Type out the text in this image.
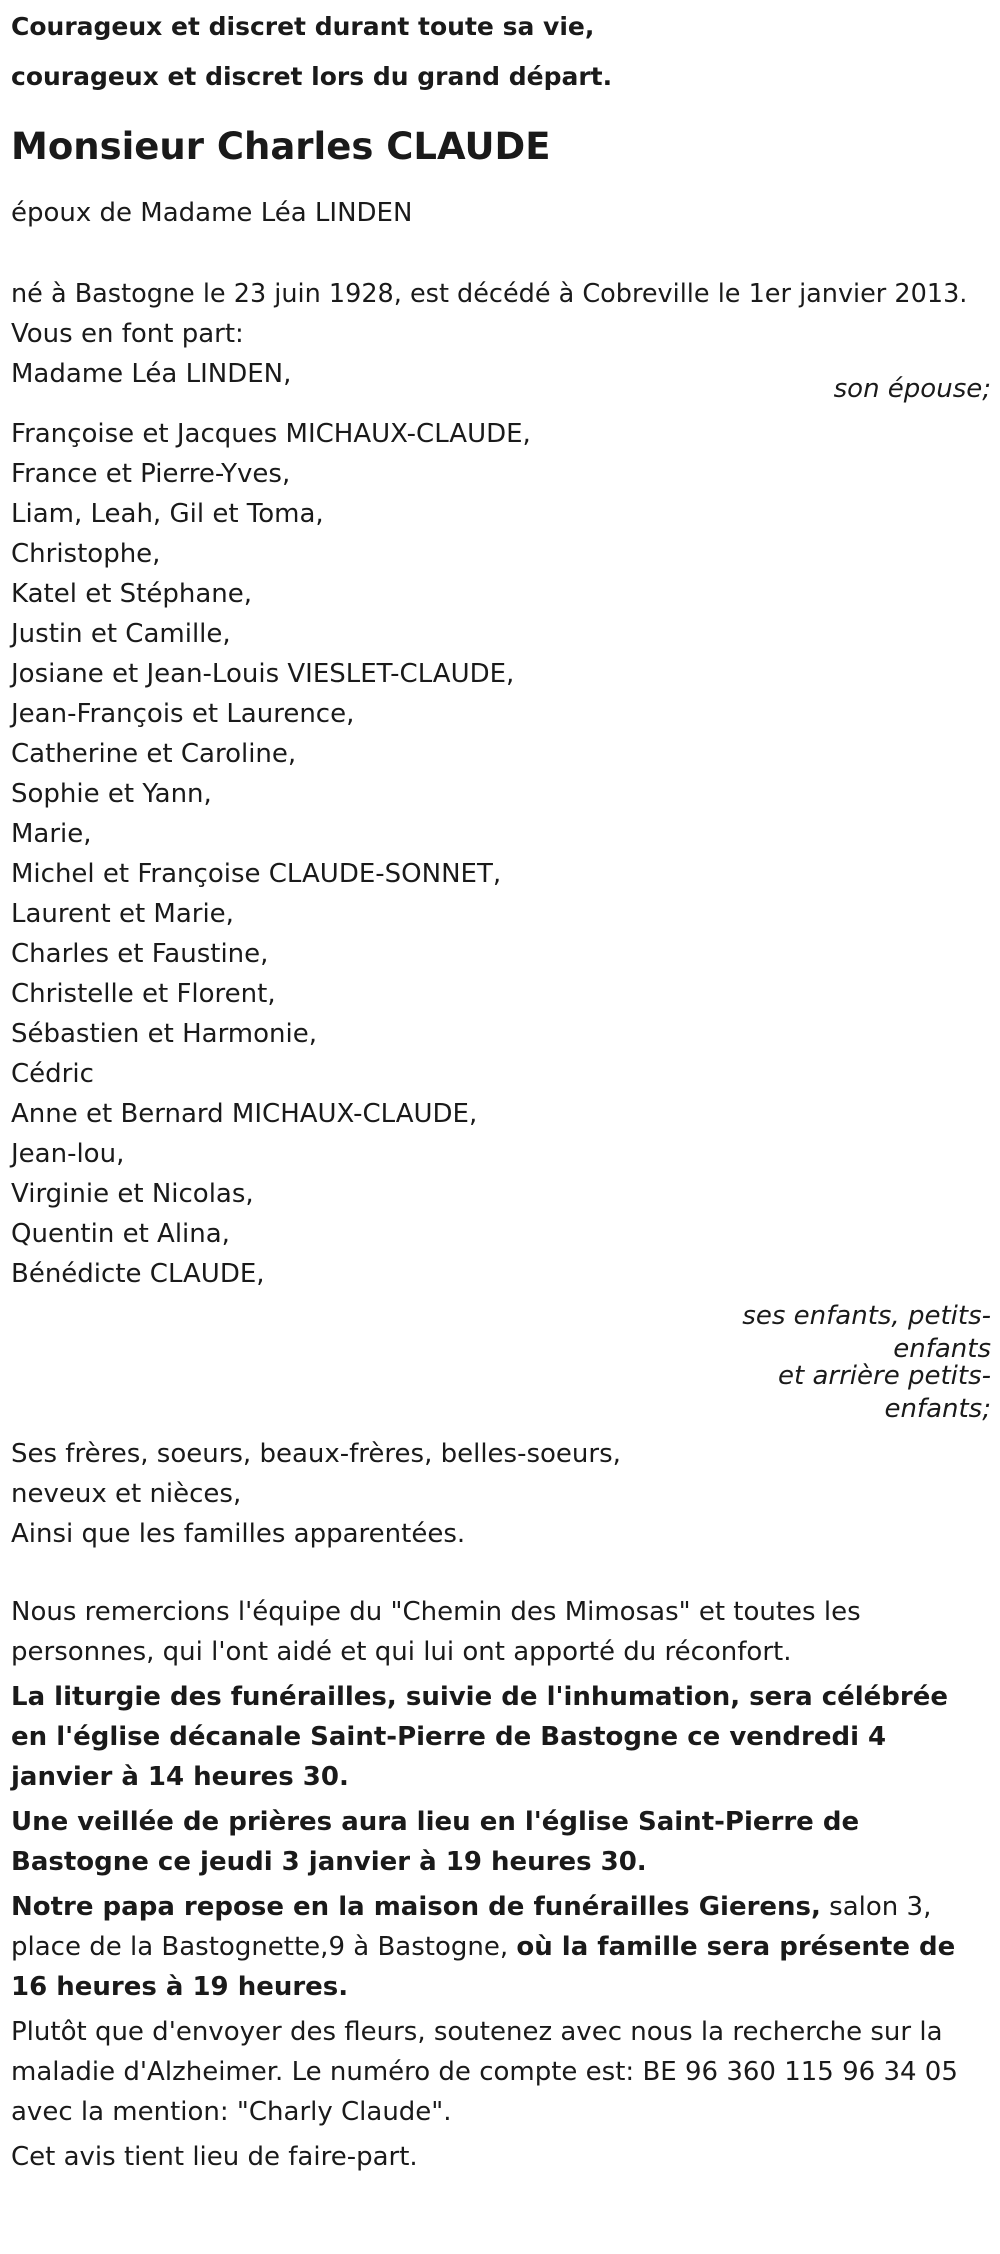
Courageux et discret durant toute sa vie,
courageux et discret lors du grand départ.
Monsieur Charles CLAUDE
époux de Madame Léa LINDEN
né à Bastogne le 23 juin 1928, est décédé à Cobreville le 1er janvier 2013.
Vous en font part:
Madame Léa LINDEN,	son épouse;
Françoise et Jacques MICHAUX-CLAUDE,
France et Pierre-Yves,
Liam, Leah, Gil et Toma,
Christophe,
Katel et Stéphane,
Justin et Camille,
Josiane et Jean-Louis VIESLET-CLAUDE,
Jean-François et Laurence,
Catherine et Caroline,
Sophie et Yann,
Marie,
Michel et Françoise CLAUDE-SONNET,
Laurent et Marie,
Charles et Faustine,
Christelle et Florent,
Sébastien et Harmonie,
Cédric
Anne et Bernard MICHAUX-CLAUDE,
Jean-lou,
Virginie et Nicolas,
Quentin et Alina,
Bénédicte CLAUDE,
ses enfants, petits-enfants
et arrière petits-enfants;
Ses frères, soeurs, beaux-frères, belles-soeurs,
neveux et nièces,
Ainsi que les familles apparentées.
Nous remercions l'équipe du "Chemin des Mimosas" et toutes les personnes, qui l'ont aidé et qui lui ont apporté du réconfort.
La liturgie des funérailles, suivie de l'inhumation, sera célébrée en l'église décanale Saint-Pierre de Bastogne ce vendredi 4 janvier à 14 heures 30.
Une veillée de prières aura lieu en l'église Saint-Pierre de Bastogne ce jeudi 3 janvier à 19 heures 30.
Notre papa repose en la maison de funérailles Gierens, salon 3, place de la Bastognette,9 à Bastogne, où la famille sera présente de 16 heures à 19 heures.
Plutôt que d'envoyer des fleurs, soutenez avec nous la recherche sur la maladie d'Alzheimer. Le numéro de compte est: BE 96 360 115 96 34 05 avec la mention: "Charly Claude".
Cet avis tient lieu de faire-part.
